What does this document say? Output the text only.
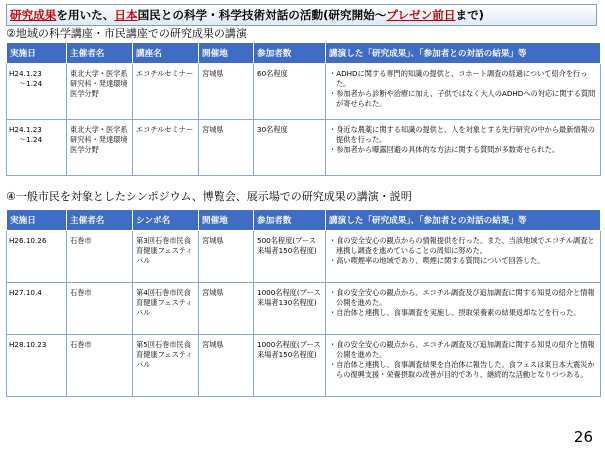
研究成果を用いた、日本国民との科学・科学技術対話の活動(研究開始〜プレゼン前日まで)
②地域の科学講座・市民講座での研究成果の講演
実施日	主催者名	講座名	開催地	参加者数	講演した「研究成果」、「参加者との対話の結果」等
H24.1.23
〜1.24	東北大学・医学系研究科・発達環境医学分野	エコチルセミナー	宮城県	60名程度	・ADHDに関する専門的知識の提供と、コホート調査の経過について紹介を行った。
・参加者から診断や治療に加え、子供ではなく大人のADHDへの対応に関する質問が寄せられた。

H24.1.23
〜1.24	東北大学・医学系研究科・発達環境医学分野	エコチルセミナー	宮城県	30名程度	・身近な農薬に関する知識の提供と、人を対象とする先行研究の中から最新情報の提供を行った。
・参加者から曝露回避の具体的な方法に関する質問が多数寄せられた。
④一般市民を対象としたシンポジウム、博覧会、展示場での研究成果の講演・説明
実施日	主催者名	シンポ名	開催地	参加者数	講演した「研究成果」、「参加者との対話の結果」等
H26.10.26	石巻市	第3回石巻市民食育健康フェスティバル	宮城県	500名程度(ブース来場者150名程度)	・食の安全安心の観点からの情報提供を行った。また、当該地域でエコチル調査と連携し調査を進めていることの周知に努めた。
・高い喫煙率の地域であり、喫煙に関する質問について回答した。

H27.10.4	石巻市	第4回石巻市民食育健康フェスティバル	宮城県	1000名程度(ブース来場者130名程度)	・食の安全安心の観点から、エコチル調査及び追加調査に関する知見の紹介と情報公開を進めた。
・自治体と連携し、食事調査を実施し、摂取栄養素の結果返却などを行った。

H28.10.23	石巻市	第5回石巻市民食育健康フェスティバル	宮城県	1000名程度(ブース来場者150名程度)	・食の安全安心の観点から、エコチル調査及び追加調査に関する知見の紹介と情報公開を進めた。
・自治体と連携し、食事調査結果を自治体に報告した。食フェスは東日本大震災からの復興支援・栄養摂取の改善が目的であり、継続的な活動となりつつある。
26
